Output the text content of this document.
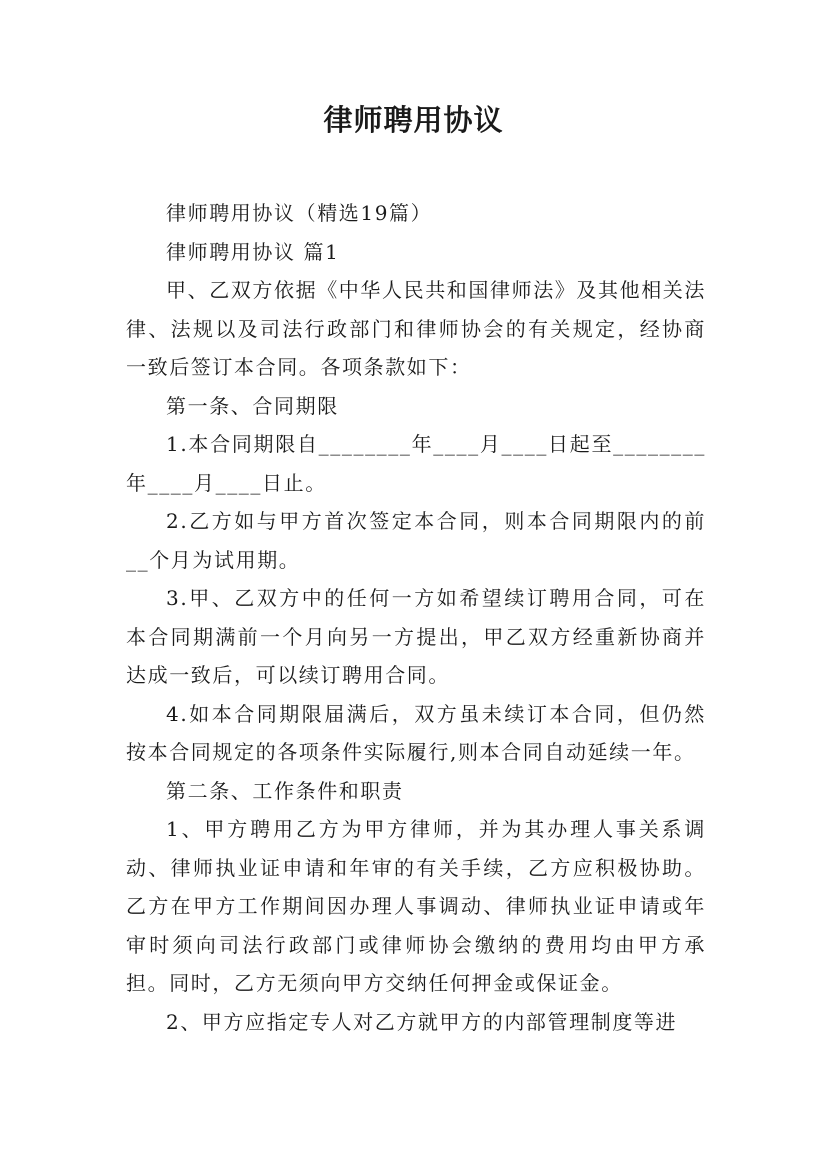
律师聘用协议

律师聘用协议（精选19篇）

律师聘用协议 篇1

甲、乙双方依据《中华人民共和国律师法》及其他相关法律、法规以及司法行政部门和律师协会的有关规定，经协商一致后签订本合同。各项条款如下：

第一条、合同期限

1.本合同期限自________年____月____日起至________年____月____日止。

2.乙方如与甲方首次签定本合同，则本合同期限内的前__个月为试用期。

3.甲、乙双方中的任何一方如希望续订聘用合同，可在本合同期满前一个月向另一方提出，甲乙双方经重新协商并达成一致后，可以续订聘用合同。

4.如本合同期限届满后，双方虽未续订本合同，但仍然按本合同规定的各项条件实际履行,则本合同自动延续一年。

第二条、工作条件和职责

1、甲方聘用乙方为甲方律师，并为其办理人事关系调动、律师执业证申请和年审的有关手续，乙方应积极协助。乙方在甲方工作期间因办理人事调动、律师执业证申请或年审时须向司法行政部门或律师协会缴纳的费用均由甲方承担。同时，乙方无须向甲方交纳任何押金或保证金。

2、甲方应指定专人对乙方就甲方的内部管理制度等进
